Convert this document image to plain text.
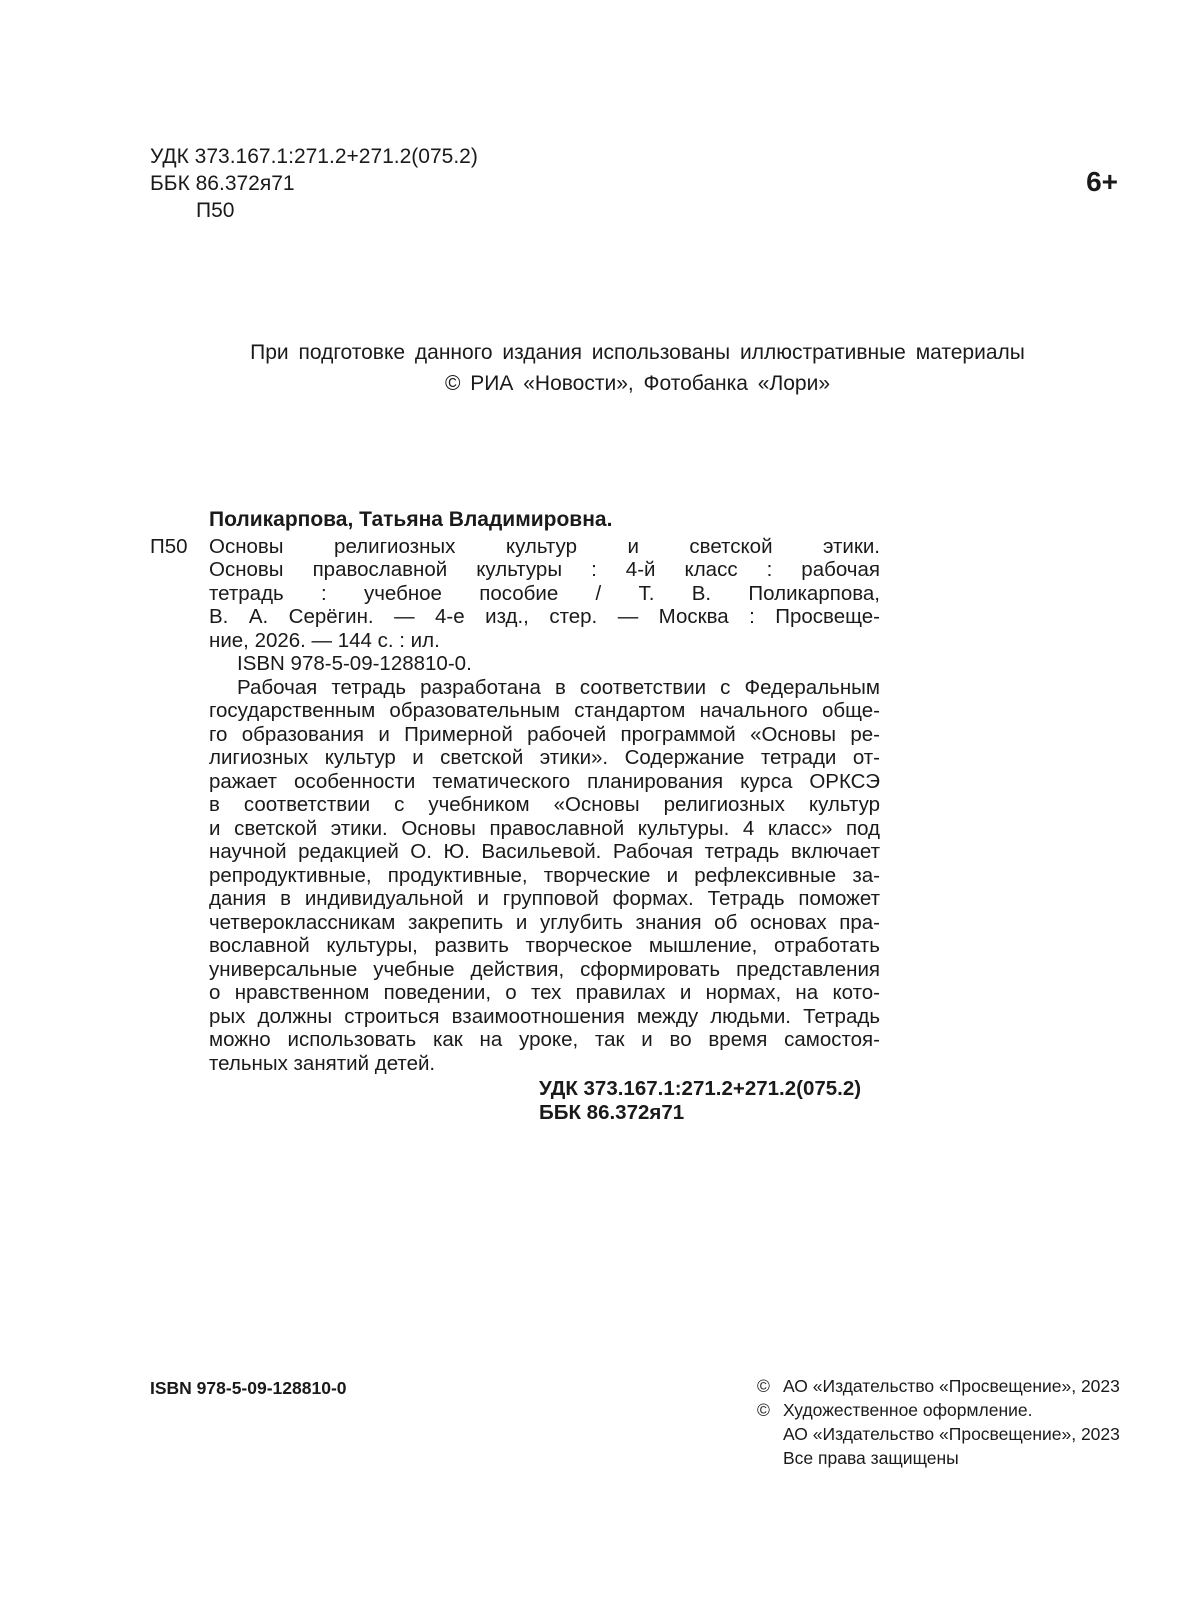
УДК 373.167.1:271.2+271.2(075.2)
ББК 86.372я71
П50
6+
При подготовке данного издания использованы иллюстративные материалы
© РИА «Новости», Фотобанка «Лори»
Поликарпова, Татьяна Владимировна.
П50 Основы религиозных культур и светской этики.
Основы православной культуры : 4-й класс : рабочая
тетрадь : учебное пособие / Т. В. Поликарпова,
В. А. Серёгин. — 4-е изд., стер. — Москва : Просвеще-
ние, 2026. — 144 с. : ил.
ISBN 978-5-09-128810-0.
Рабочая тетрадь разработана в соответствии с Федеральным
государственным образовательным стандартом начального обще-
го образования и Примерной рабочей программой «Основы ре-
лигиозных культур и светской этики». Содержание тетради от-
ражает особенности тематического планирования курса ОРКСЭ
в соответствии с учебником «Основы религиозных культур
и светской этики. Основы православной культуры. 4 класс» под
научной редакцией О. Ю. Васильевой. Рабочая тетрадь включает
репродуктивные, продуктивные, творческие и рефлексивные за-
дания в индивидуальной и групповой формах. Тетрадь поможет
четвероклассникам закрепить и углубить знания об основах пра-
вославной культуры, развить творческое мышление, отработать
универсальные учебные действия, сформировать представления
о нравственном поведении, о тех правилах и нормах, на кото-
рых должны строиться взаимоотношения между людьми. Тетрадь
можно использовать как на уроке, так и во время самостоя-
тельных занятий детей.
УДК 373.167.1:271.2+271.2(075.2)
ББК 86.372я71
ISBN 978-5-09-128810-0	© АО «Издательство «Просвещение», 2023
© Художественное оформление.
АО «Издательство «Просвещение», 2023
Все права защищены
